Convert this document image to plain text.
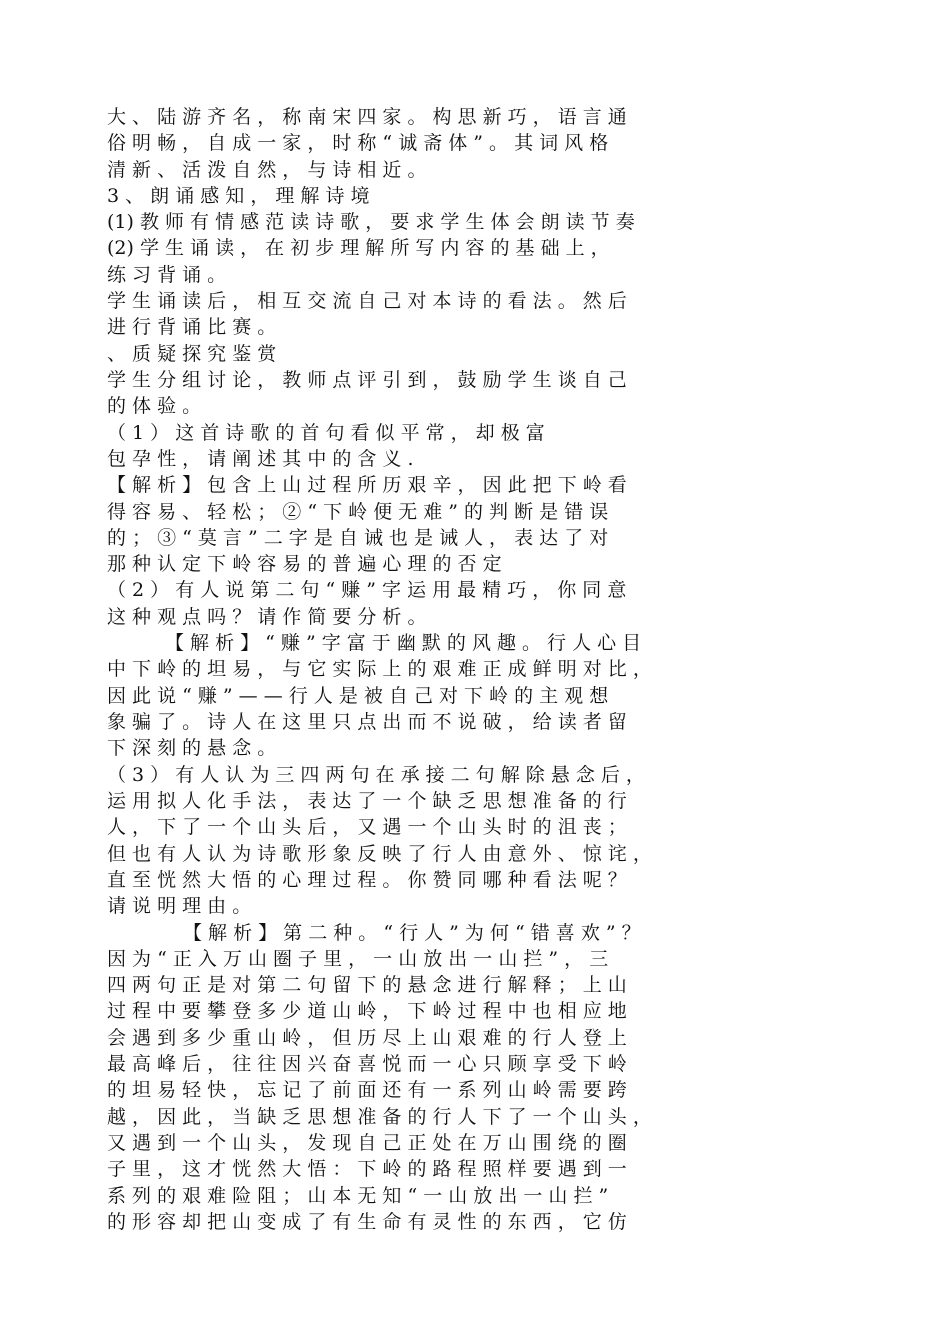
大 、 陆 游 齐 名 ， 称 南 宋 四 家 。 构 思 新 巧 ， 语 言 通
俗 明 畅 ， 自 成 一 家 ， 时 称 “ 诚 斋 体 ” 。 其 词 风 格
清 新 、 活 泼 自 然 ， 与 诗 相 近 。
3 、 朗 诵 感 知 ， 理 解 诗 境
(1) 教 师 有 情 感 范 读 诗 歌 ， 要 求 学 生 体 会 朗 读 节 奏
(2) 学 生 诵 读 ， 在 初 步 理 解 所 写 内 容 的 基 础 上 ，
练 习 背 诵 。
学 生 诵 读 后 ， 相 互 交 流 自 己 对 本 诗 的 看 法 。 然 后
进 行 背 诵 比 赛 。
、 质 疑 探 究 鉴 赏
学 生 分 组 讨 论 ， 教 师 点 评 引 到 ， 鼓 励 学 生 谈 自 己
的 体 验 。
（ 1 ） 这 首 诗 歌 的 首 句 看 似 平 常 ， 却 极 富
包 孕 性 ， 请 阐 述 其 中 的 含 义 .
【 解 析 】 包 含 上 山 过 程 所 历 艰 辛 ， 因 此 把 下 岭 看
得 容 易 、 轻 松 ； ② “ 下 岭 便 无 难 ” 的 判 断 是 错 误
的 ； ③ “ 莫 言 ” 二 字 是 自 诫 也 是 诫 人 ， 表 达 了 对
那 种 认 定 下 岭 容 易 的 普 遍 心 理 的 否 定
（ 2 ） 有 人 说 第 二 句 “ 赚 ” 字 运 用 最 精 巧 ， 你 同 意
这 种 观 点 吗 ？ 请 作 简 要 分 析 。
【 解 析 】 “ 赚 ” 字 富 于 幽 默 的 风 趣 。 行 人 心 目
中 下 岭 的 坦 易 ， 与 它 实 际 上 的 艰 难 正 成 鲜 明 对 比 ，
因 此 说 “ 赚 ” — — 行 人 是 被 自 己 对 下 岭 的 主 观 想
象 骗 了 。 诗 人 在 这 里 只 点 出 而 不 说 破 ， 给 读 者 留
下 深 刻 的 悬 念 。
（ 3 ） 有 人 认 为 三 四 两 句 在 承 接 二 句 解 除 悬 念 后 ，
运 用 拟 人 化 手 法 ， 表 达 了 一 个 缺 乏 思 想 准 备 的 行
人 ， 下 了 一 个 山 头 后 ， 又 遇 一 个 山 头 时 的 沮 丧 ；
但 也 有 人 认 为 诗 歌 形 象 反 映 了 行 人 由 意 外 、 惊 诧 ，
直 至 恍 然 大 悟 的 心 理 过 程 。 你 赞 同 哪 种 看 法 呢 ？
请 说 明 理 由 。
【 解 析 】 第 二 种 。 “ 行 人 ” 为 何 “ 错 喜 欢 ” ？
因 为 “ 正 入 万 山 圈 子 里 ， 一 山 放 出 一 山 拦 ” ， 三
四 两 句 正 是 对 第 二 句 留 下 的 悬 念 进 行 解 释 ； 上 山
过 程 中 要 攀 登 多 少 道 山 岭 ， 下 岭 过 程 中 也 相 应 地
会 遇 到 多 少 重 山 岭 ， 但 历 尽 上 山 艰 难 的 行 人 登 上
最 高 峰 后 ， 往 往 因 兴 奋 喜 悦 而 一 心 只 顾 享 受 下 岭
的 坦 易 轻 快 ， 忘 记 了 前 面 还 有 一 系 列 山 岭 需 要 跨
越 ， 因 此 ， 当 缺 乏 思 想 准 备 的 行 人 下 了 一 个 山 头 ，
又 遇 到 一 个 山 头 ， 发 现 自 己 正 处 在 万 山 围 绕 的 圈
子 里 ， 这 才 恍 然 大 悟 ： 下 岭 的 路 程 照 样 要 遇 到 一
系 列 的 艰 难 险 阻 ； 山 本 无 知 “ 一 山 放 出 一 山 拦 ”
的 形 容 却 把 山 变 成 了 有 生 命 有 灵 性 的 东 西 ， 它 仿
